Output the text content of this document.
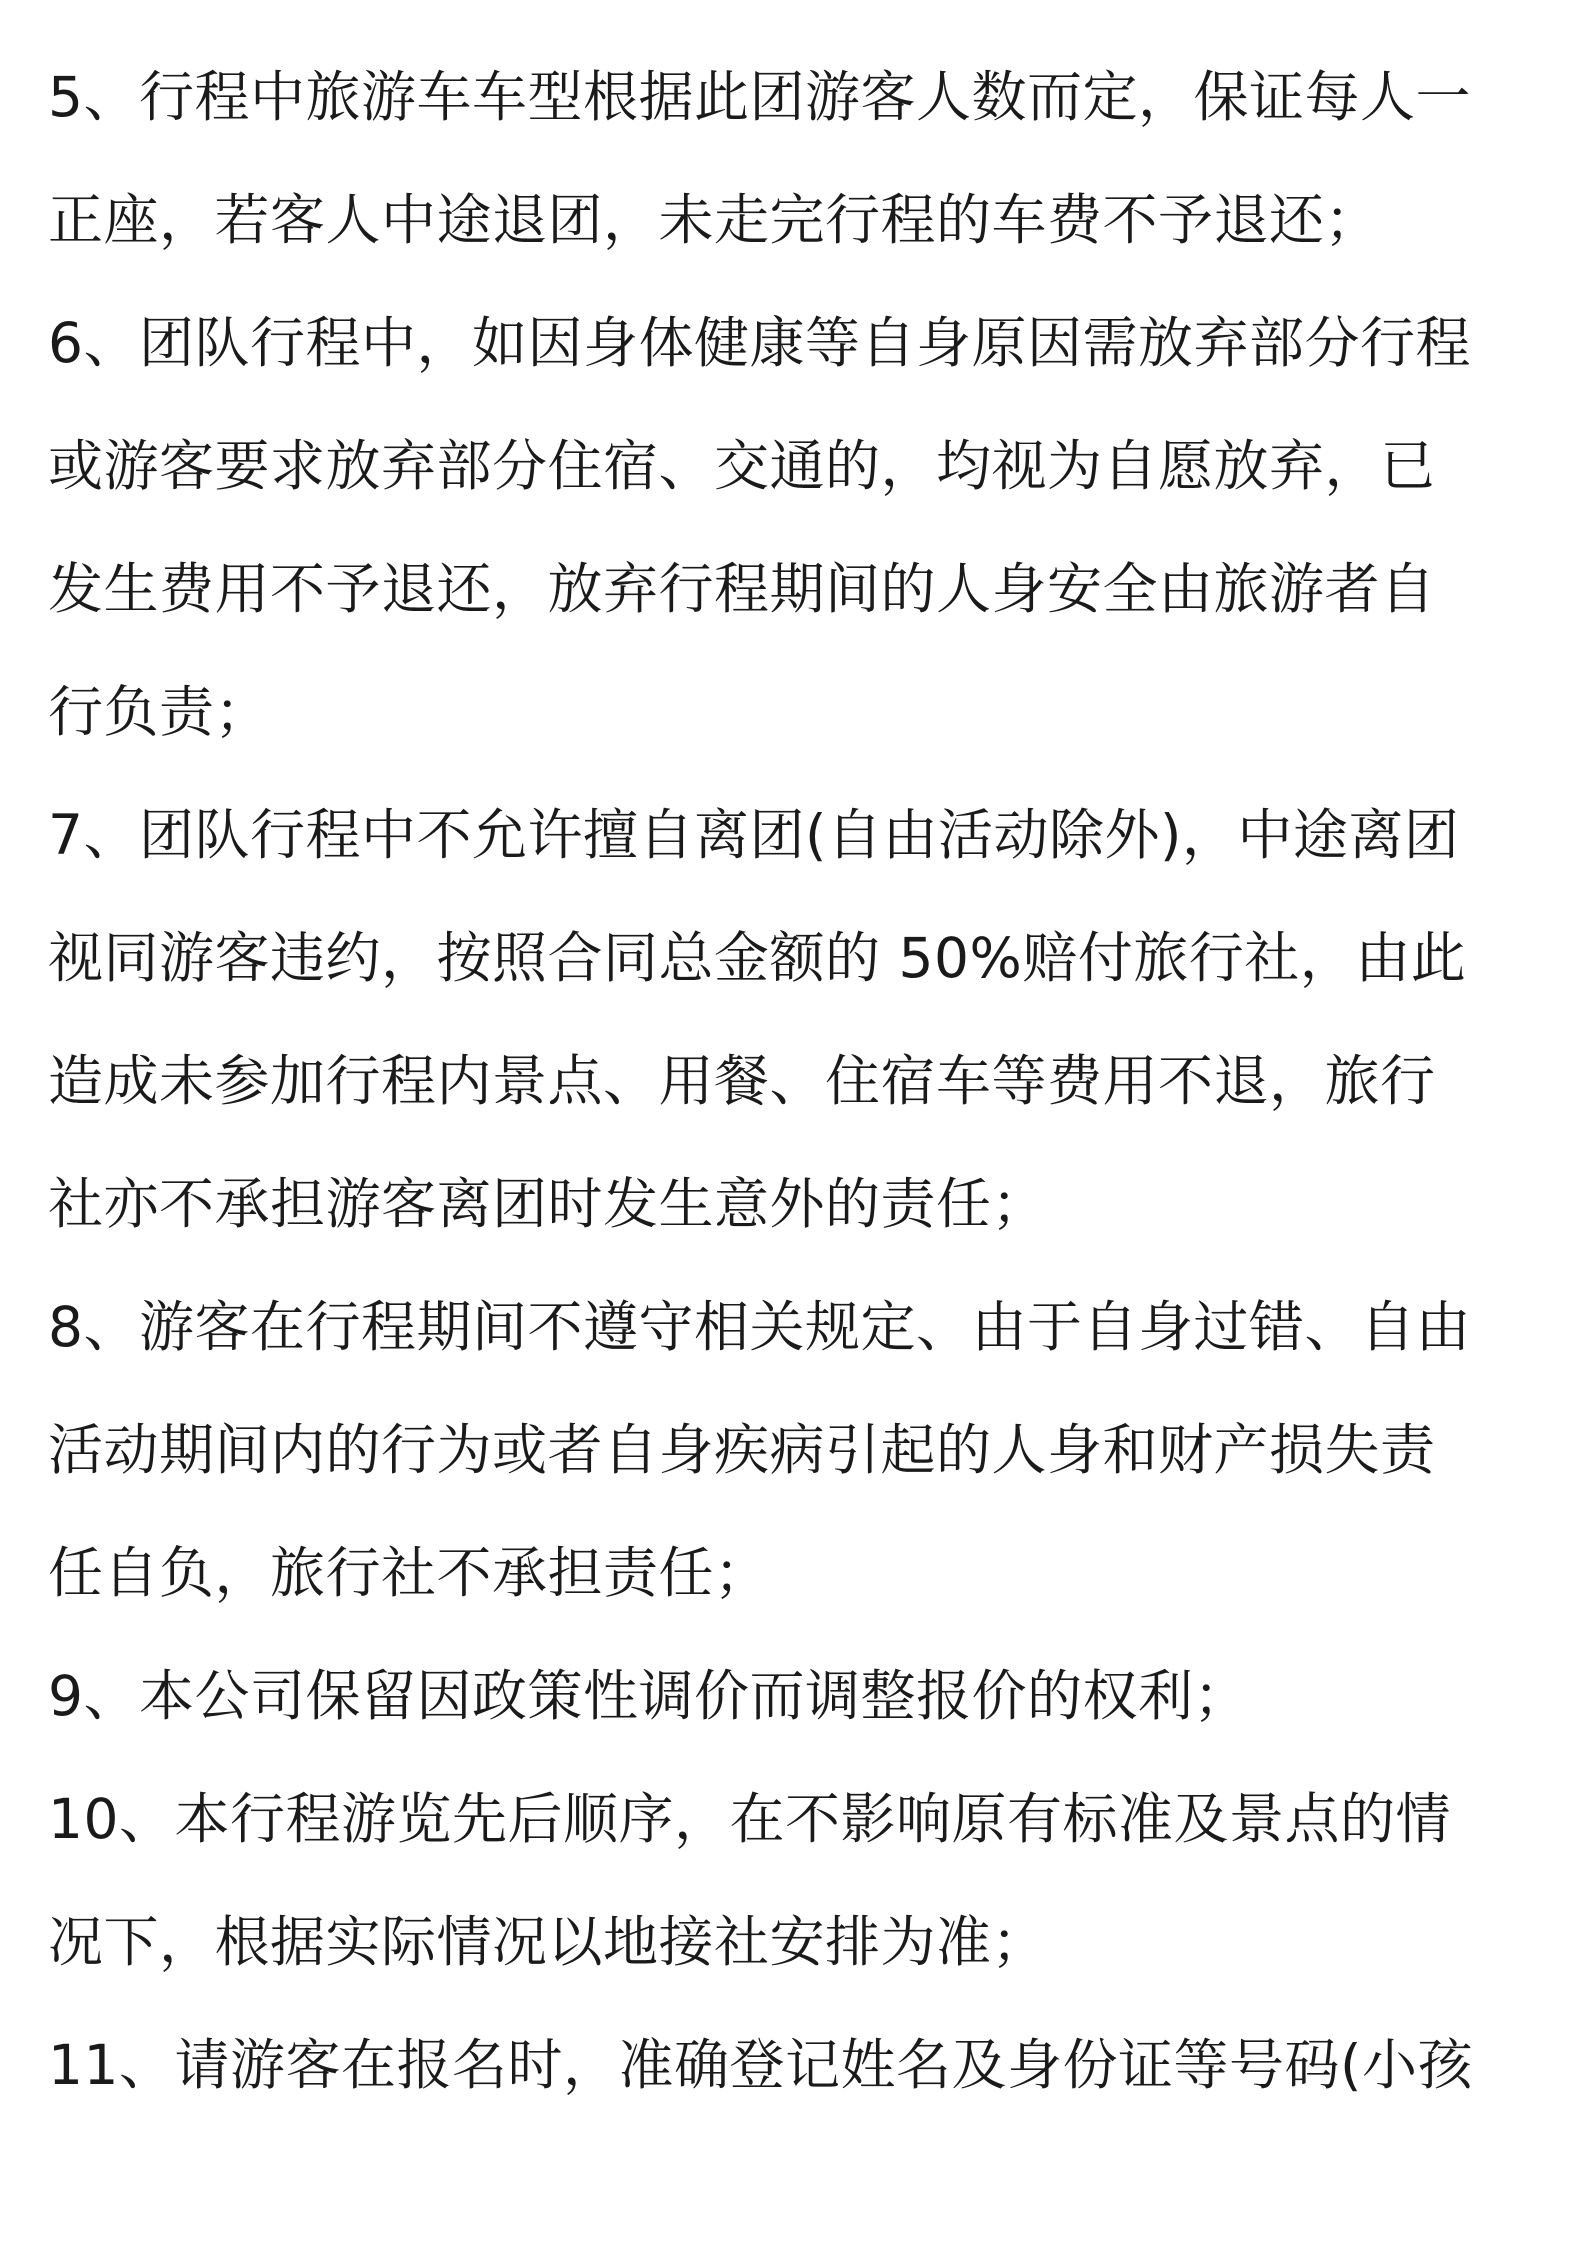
5、行程中旅游车车型根据此团游客人数而定，保证每人一
正座，若客人中途退团，未走完行程的车费不予退还；
6、团队行程中，如因身体健康等自身原因需放弃部分行程
或游客要求放弃部分住宿、交通的，均视为自愿放弃，已
发生费用不予退还，放弃行程期间的人身安全由旅游者自
行负责；
7、团队行程中不允许擅自离团(自由活动除外)，中途离团
视同游客违约，按照合同总金额的 50%赔付旅行社，由此
造成未参加行程内景点、用餐、住宿车等费用不退，旅行
社亦不承担游客离团时发生意外的责任；
8、游客在行程期间不遵守相关规定、由于自身过错、自由
活动期间内的行为或者自身疾病引起的人身和财产损失责
任自负，旅行社不承担责任；
9、本公司保留因政策性调价而调整报价的权利；
10、本行程游览先后顺序，在不影响原有标准及景点的情
况下，根据实际情况以地接社安排为准；
11、请游客在报名时，准确登记姓名及身份证等号码(小孩
